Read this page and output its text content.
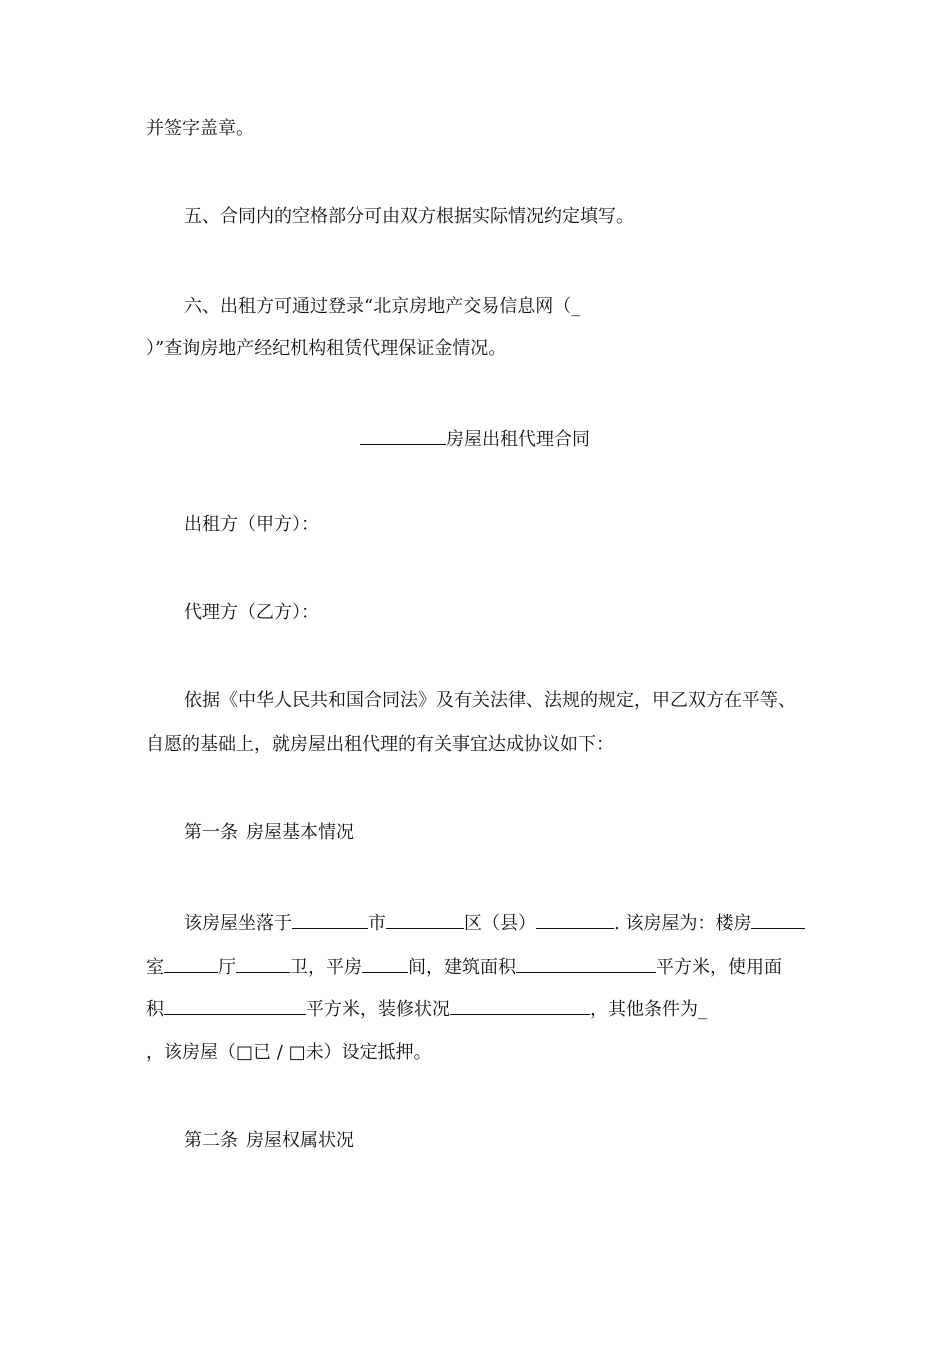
并签字盖章。

五、合同内的空格部分可由双方根据实际情况约定填写。

六、出租方可通过登录“北京房地产交易信息网（_

）”查询房地产经纪机构租赁代理保证金情况。

房屋出租代理合同

出租方（甲方）：

代理方（乙方）：

依据《中华人民共和国合同法》及有关法律、法规的规定，甲乙双方在平等、

自愿的基础上，就房屋出租代理的有关事宜达成协议如下：

第一条 房屋基本情况

该房屋坐落于	市	区（县）	. 该房屋为：楼房

室	厅	卫，平房	间，建筑面积	平方米，使用面

积	平方米，装修状况	，其他条件为_

，该房屋（□已 / □未）设定抵押。

第二条 房屋权属状况
